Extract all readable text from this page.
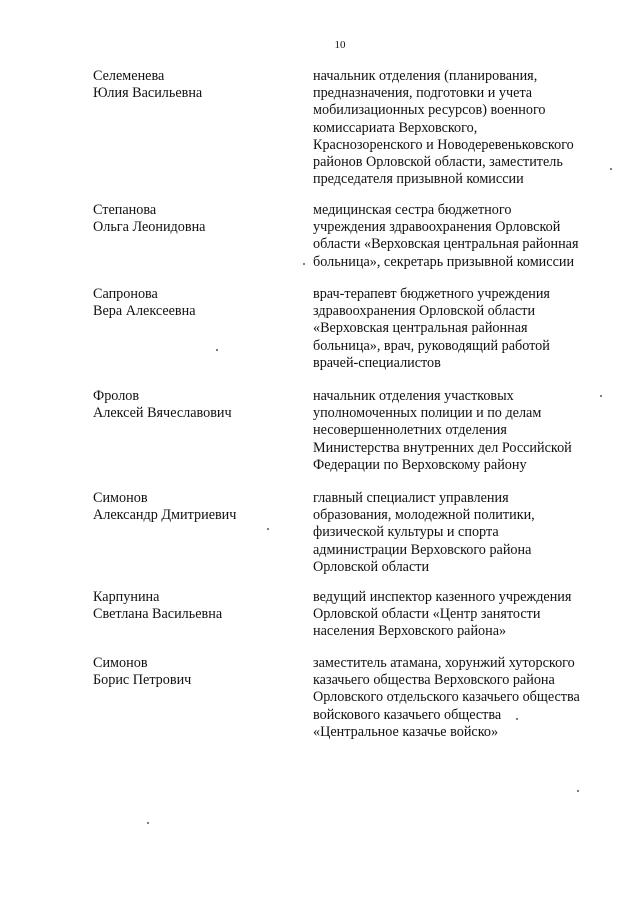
10
Селеменева
Юлия Васильевна
начальник отделения (планирования,
предназначения, подготовки и учета
мобилизационных ресурсов) военного
комиссариата Верховского,
Краснозоренского и Новодеревеньковского
районов Орловской области, заместитель
председателя призывной комиссии
Степанова
Ольга Леонидовна
медицинская сестра бюджетного
учреждения здравоохранения Орловской
области «Верховская центральная районная
больница», секретарь призывной комиссии
Сапронова
Вера Алексеевна
врач-терапевт бюджетного учреждения
здравоохранения Орловской области
«Верховская центральная районная
больница», врач, руководящий работой
врачей-специалистов
Фролов
Алексей Вячеславович
начальник отделения участковых
уполномоченных полиции и по делам
несовершеннолетних отделения
Министерства внутренних дел Российской
Федерации по Верховскому району
Симонов
Александр Дмитриевич
главный специалист управления
образования, молодежной политики,
физической культуры и спорта
администрации Верховского района
Орловской области
Карпунина
Светлана Васильевна
ведущий инспектор казенного учреждения
Орловской области «Центр занятости
населения Верховского района»
Симонов
Борис Петрович
заместитель атамана, хорунжий хуторского
казачьего общества Верховского района
Орловского отдельского казачьего общества
войскового казачьего общества
«Центральное казачье войско»
